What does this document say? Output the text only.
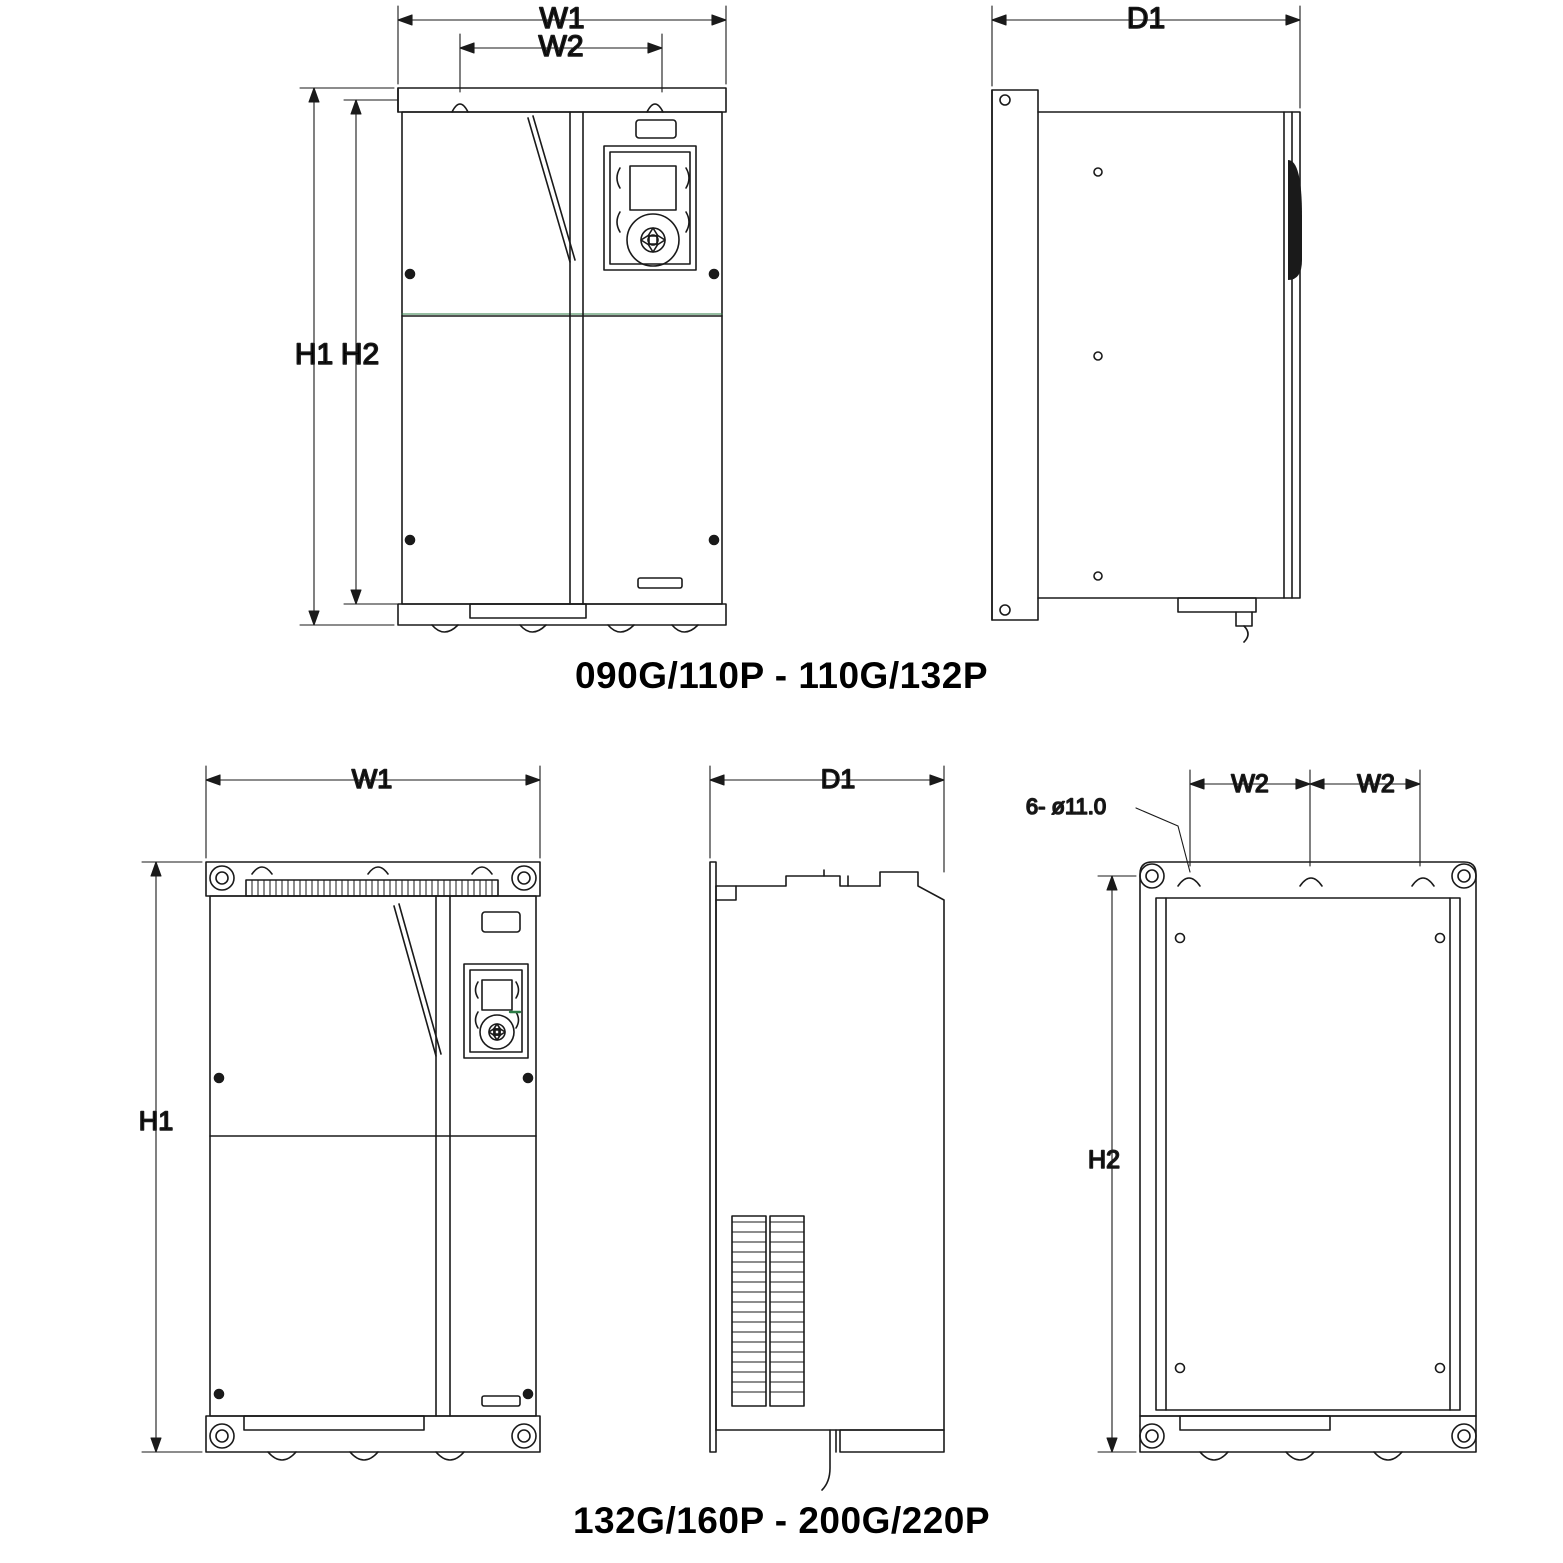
W1
W2
H1 H2
D1
W1
H1
D1	W2	W2
H2
6- ø11.0
090G/110P - 110G/132P
132G/160P - 200G/220P
